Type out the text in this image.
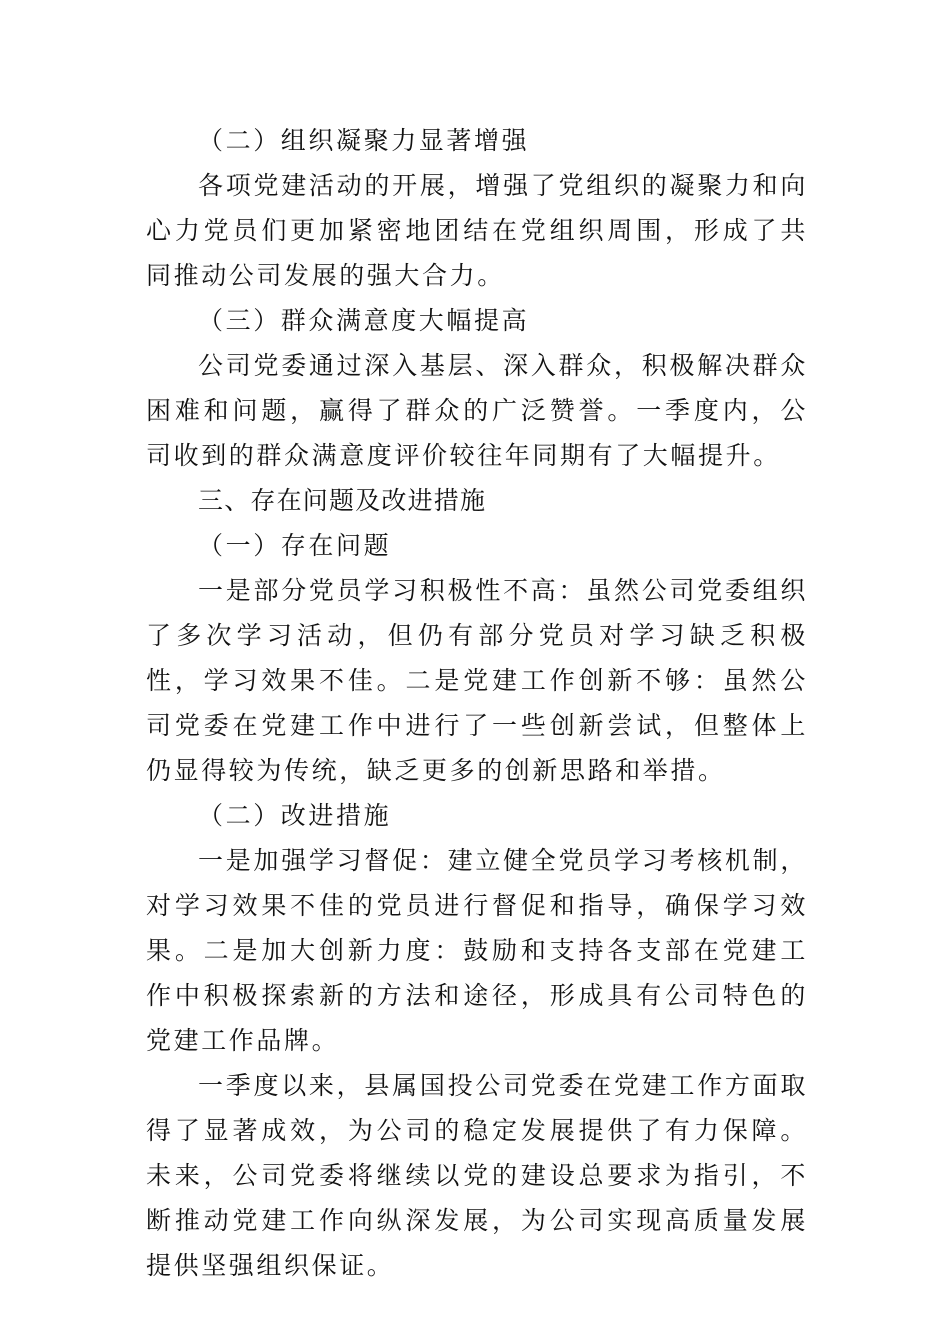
（二）组织凝聚力显著增强

各项党建活动的开展，增强了党组织的凝聚力和向心力党员们更加紧密地团结在党组织周围，形成了共同推动公司发展的强大合力。

（三）群众满意度大幅提高

公司党委通过深入基层、深入群众，积极解决群众困难和问题，赢得了群众的广泛赞誉。一季度内，公司收到的群众满意度评价较往年同期有了大幅提升。

三、存在问题及改进措施

（一）存在问题

一是部分党员学习积极性不高：虽然公司党委组织了多次学习活动，但仍有部分党员对学习缺乏积极性，学习效果不佳。二是党建工作创新不够：虽然公司党委在党建工作中进行了一些创新尝试，但整体上仍显得较为传统，缺乏更多的创新思路和举措。

（二）改进措施

一是加强学习督促：建立健全党员学习考核机制，对学习效果不佳的党员进行督促和指导，确保学习效果。二是加大创新力度：鼓励和支持各支部在党建工作中积极探索新的方法和途径，形成具有公司特色的党建工作品牌。

一季度以来，县属国投公司党委在党建工作方面取得了显著成效，为公司的稳定发展提供了有力保障。未来，公司党委将继续以党的建设总要求为指引，不断推动党建工作向纵深发展，为公司实现高质量发展提供坚强组织保证。
